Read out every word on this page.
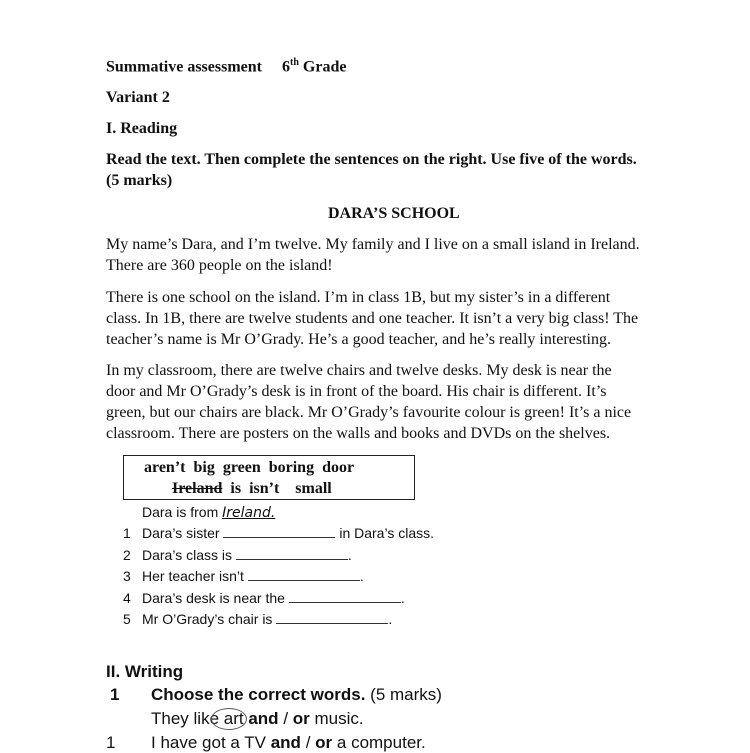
Summative assessment 6th Grade
Variant 2
I. Reading
Read the text. Then complete the sentences on the right. Use five of the words.
(5 marks)
DARA’S SCHOOL
My name’s Dara, and I’m twelve. My family and I live on a small island in Ireland.
There are 360 people on the island!
There is one school on the island. I’m in class 1B, but my sister’s in a different
class. In 1B, there are twelve students and one teacher. It isn’t a very big class! The
teacher’s name is Mr O’Grady. He’s a good teacher, and he’s really interesting.
In my classroom, there are twelve chairs and twelve desks. My desk is near the
door and Mr O’Grady’s desk is in front of the board. His chair is different. It’s
green, but our chairs are black. Mr O’Grady’s favourite colour is green! It’s a nice
classroom. There are posters on the walls and books and DVDs on the shelves.
aren’t big green boring door
Ireland is isn’t small
Dara is from Ireland.
1 Dara’s sister	in Dara’s class.
2 Dara’s class is	.
3 Her teacher isn’t	.
4 Dara’s desk is near the	.
5 Mr O’Grady’s chair is	.
II. Writing
1 Choose the correct words. (5 marks)
They like art and / or music.
1 I have got a TV and / or a computer.
